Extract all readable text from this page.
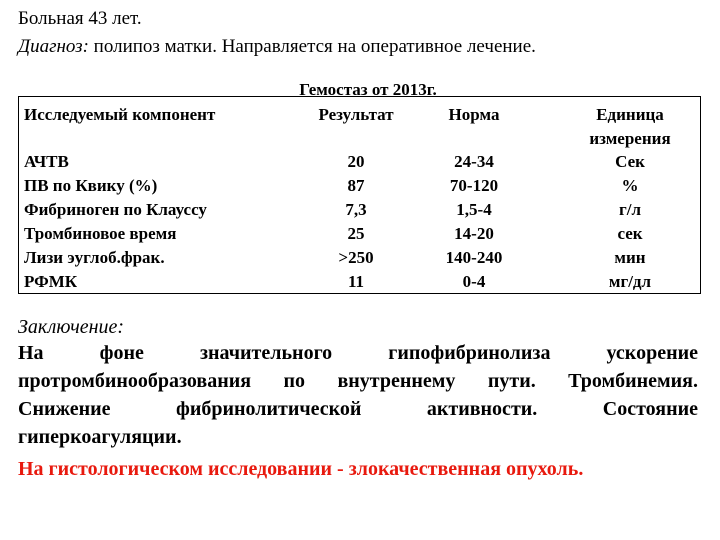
Больная 43 лет.
Диагноз: полипоз матки. Направляется на оперативное лечение.
Гемостаз от 2013г.
Исследуемый компонент	Результат	Норма	Единица
измерения
АЧТВ	20	24-34	Сек
ПВ по Квику (%)	87	70-120	%
Фибриноген по Клауссу	7,3	1,5-4	г/л
Тромбиновое время	25	14-20	сек
Лизи эуглоб.фрак.	>250	140-240	мин
РФМК	11	0-4	мг/дл
Заключение:
На фоне значительного гипофибринолиза ускорение
протромбинообразования по внутреннему пути. Тромбинемия.
Снижение фибринолитической активности. Состояние
гиперкоагуляции.
На гистологическом исследовании - злокачественная опухоль.
